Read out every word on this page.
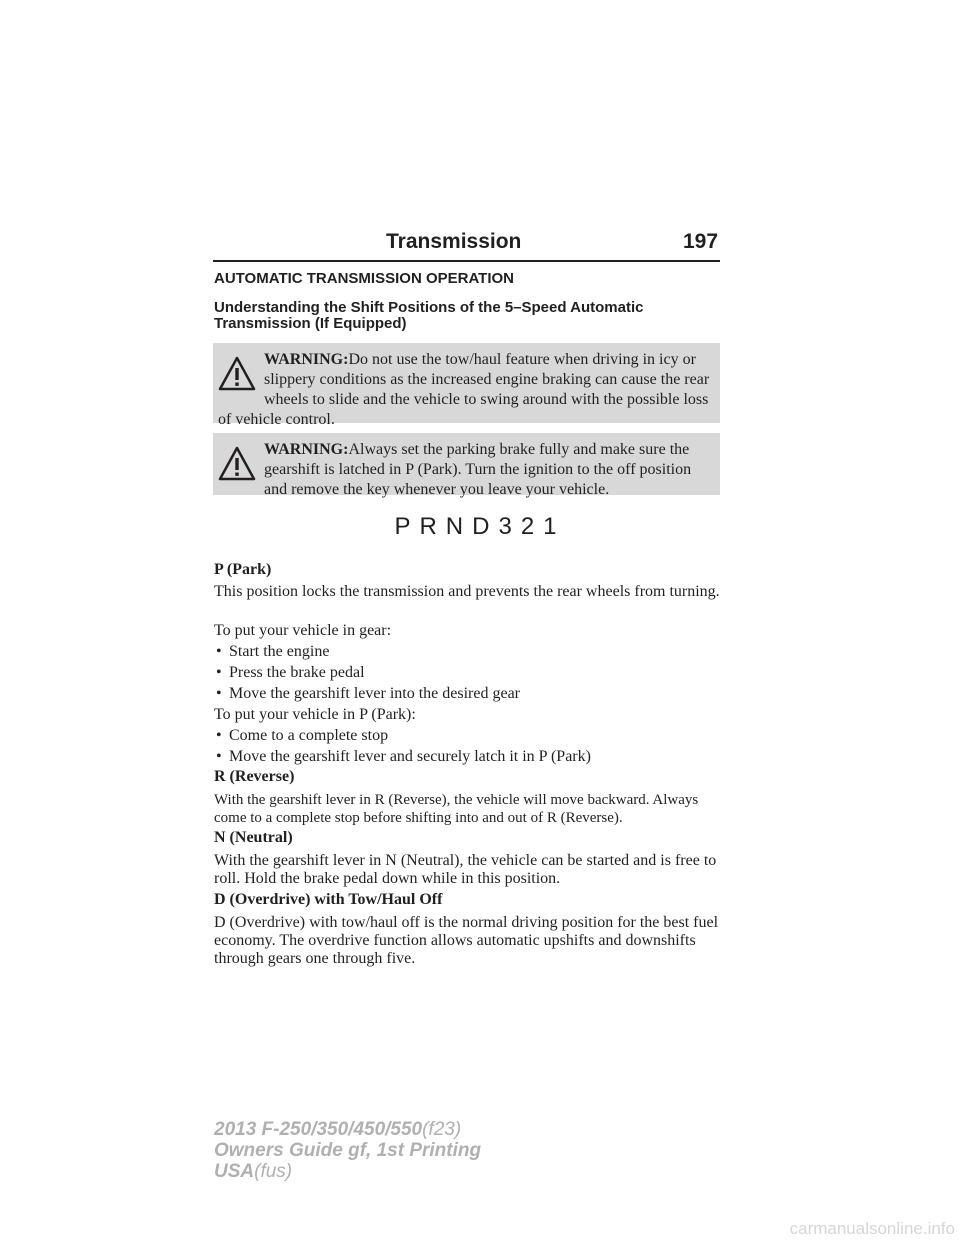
Transmission	197
AUTOMATIC TRANSMISSION OPERATION
Understanding the Shift Positions of the 5–Speed Automatic Transmission (If Equipped)
WARNING:Do not use the tow/haul feature when driving in icy or slippery conditions as the increased engine braking can cause the rear wheels to slide and the vehicle to swing around with the possible loss of vehicle control.
WARNING:Always set the parking brake fully and make sure the gearshift is latched in P (Park). Turn the ignition to the off position and remove the key whenever you leave your vehicle.
PRND321
P (Park)
This position locks the transmission and prevents the rear wheels from turning.
To put your vehicle in gear:
• Start the engine
• Press the brake pedal
• Move the gearshift lever into the desired gear
To put your vehicle in P (Park):
• Come to a complete stop
• Move the gearshift lever and securely latch it in P (Park)
R (Reverse)
With the gearshift lever in R (Reverse), the vehicle will move backward. Always come to a complete stop before shifting into and out of R (Reverse).
N (Neutral)
With the gearshift lever in N (Neutral), the vehicle can be started and is free to roll. Hold the brake pedal down while in this position.
D (Overdrive) with Tow/Haul Off
D (Overdrive) with tow/haul off is the normal driving position for the best fuel economy. The overdrive function allows automatic upshifts and downshifts through gears one through five.
2013 F-250/350/450/550(f23)
Owners Guide gf, 1st Printing
USA(fus)
carmanualsonline.info
